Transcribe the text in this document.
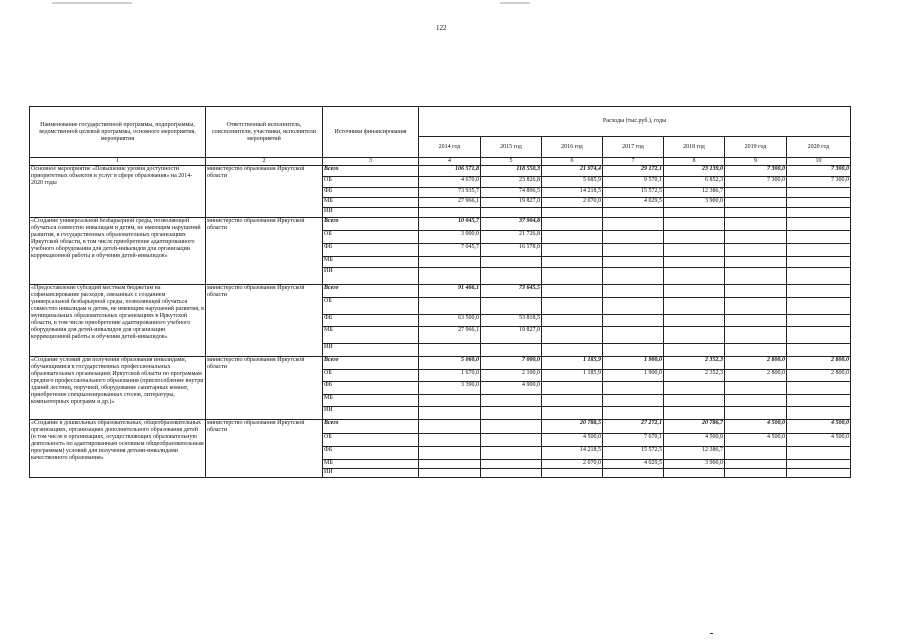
122
Наименование государственной программы, подпрограммы, ведомственной целевой программы, основного мероприятия, мероприятия	Ответственный исполнитель, соисполнители, участники, исполнители мероприятий	Источники финансирования	Расходы (тыс.руб.), годы						
			2014 год	2015 год	2016 год	2017 год	2018 год	2019 год	2020 год
1	2	3	4	5	6	7	8	9	10
Основное мероприятие «Повышение уровня доступности приоритетных объектов и услуг в сфере образования» на 2014-2020 годы	министерство образования Иркутской области	Всего	106 571,8	118 550,3	21 974,4	29 172,1	23 139,0	7 300,0	7 300,0
		ОБ	4 670,0	23 826,8	5 685,9	9 570,1	6 852,3	7 300,0	7 300,0
		ФБ	73 935,7	74 896,5	14 218,5	15 572,5	12 386,7		
		МБ	27 966,1	19 827,0	2 070,0	4 029,5	3 900,0		
		ИИ							
«Создание универсальной безбарьерной среды, позволяющей обучаться совместно инвалидам и детям, не имеющим нарушений развития, в государственных образовательных организациях Иркутской области, в том числе приобретение адаптированного учебного оборудования для детей-инвалидов для организации коррекционной работы и обучения детей-инвалидов»	министерство образования Иркутской области	Всего	10 045,7	37 904,8					
		ОБ	3 000,0	21 726,8					
		ФБ	7 045,7	16 178,0					
		МБ							
		ИИ							
«Предоставление субсидий местным бюджетам на софинансирование расходов, связанных с созданием универсальной безбарьерной среды, позволяющей обучаться совместно инвалидам и детям, не имеющим нарушений развития, в муниципальных образовательных организациях в Иркутской области, в том числе приобретение адаптированного учебного оборудования для детей-инвалидов для организации коррекционной работы и обучения детей-инвалидов»	министерство образования Иркутской области	Всего	91 466,1	73 645,5					
		ОБ							
		ФБ	63 500,0	53 818,5					
		МБ	27 966,1	19 827,0					
		ИИ							
«Создание условий для получения образования инвалидами, обучающимися в государственных профессиональных образовательных организациях Иркутской области по программам среднего профессионального образования (приспособление внутри зданий лестниц, поручней, оборудование санитарных комнат, приобретение специализированных столов, литературы, компьютерных программ и др.)»	министерство образования Иркутской области	Всего	5 060,0	7 000,0	1 185,9	1 900,0	2 352,3	2 800,0	2 800,0
		ОБ	1 670,0	2 100,0	1 185,9	1 900,0	2 352,3	2 800,0	2 800,0
		ФБ	3 390,0	4 900,0					
		МБ							
		ИИ							
«Создание в дошкольных образовательных, общеобразовательных организациях, организациях дополнительного образования детей (в том числе в организациях, осуществляющих образовательную деятельность по адаптированным основным общеобразовательным программам) условий для получения детьми-инвалидами качественного образования»	министерство образования Иркутской области	Всего			20 788,5	27 272,1	20 786,7	4 500,0	4 500,0
		ОБ			4 500,0	7 670,1	4 500,0	4 500,0	4 500,0
		ФБ			14 218,5	15 572,5	12 386,7		
		МБ			2 070,0	4 029,5	3 900,0		
		ИИ							
